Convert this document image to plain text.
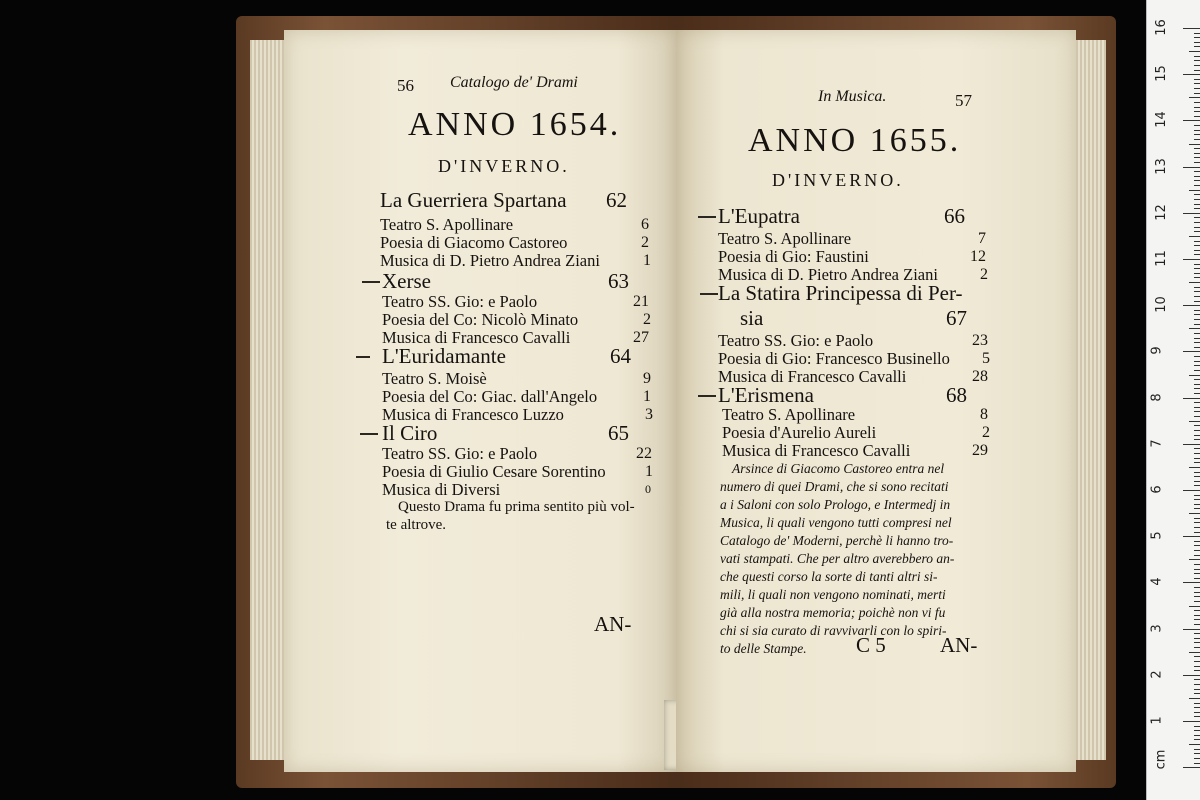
56 Catalogo de' Drami
ANNO 1654.
D'INVERNO.
La Guerriera Spartana 62
Teatro S. Apollinare	6
Poesia di Giacomo Castoreo	2
Musica di D. Pietro Andrea Ziani	1
Xerse	63
Teatro SS. Gio: e Paolo	21
Poesia del Co: Nicolò Minato	2
Musica di Francesco Cavalli	27
L'Euridamante	64
Teatro S. Moisè	9
Poesia del Co: Giac. dall'Angelo	1
Musica di Francesco Luzzo	3
Il Ciro	65
Teatro SS. Gio: e Paolo	22
Poesia di Giulio Cesare Sorentino 1
Musica di Diversi	0
Questo Drama fu prima sentito più vol-
te altrove.
AN-
In Musica.	57
ANNO 1655.
D'INVERNO.
L'Eupatra	66
Teatro S. Apollinare	7
Poesia di Gio: Faustini	12
Musica di D. Pietro Andrea Ziani	2
La Statira Principessa di Per-
sia	67
Teatro SS. Gio: e Paolo	23
Poesia di Gio: Francesco Businello 5
Musica di Francesco Cavalli	28
L'Erismena	68
Teatro S. Apollinare	8
Poesia d'Aurelio Aureli	2
Musica di Francesco Cavalli	29
Arsince di Giacomo Castoreo entra nel
numero di quei Drami, che si sono recitati
a i Saloni con solo Prologo, e Intermedj in
Musica, li quali vengono tutti compresi nel
Catalogo de' Moderni, perchè li hanno tro-
vati stampati. Che per altro averebbero an-
che questi corso la sorte di tanti altri si-
mili, li quali non vengono nominati, merti
già alla nostra memoria; poichè non vi fu
chi si sia curato di ravvivarli con lo spiri-
to delle Stampe. C 5	AN-
16
15
14
13
12
11
10
9
8
7
6
5
4
3
2
1
cm
